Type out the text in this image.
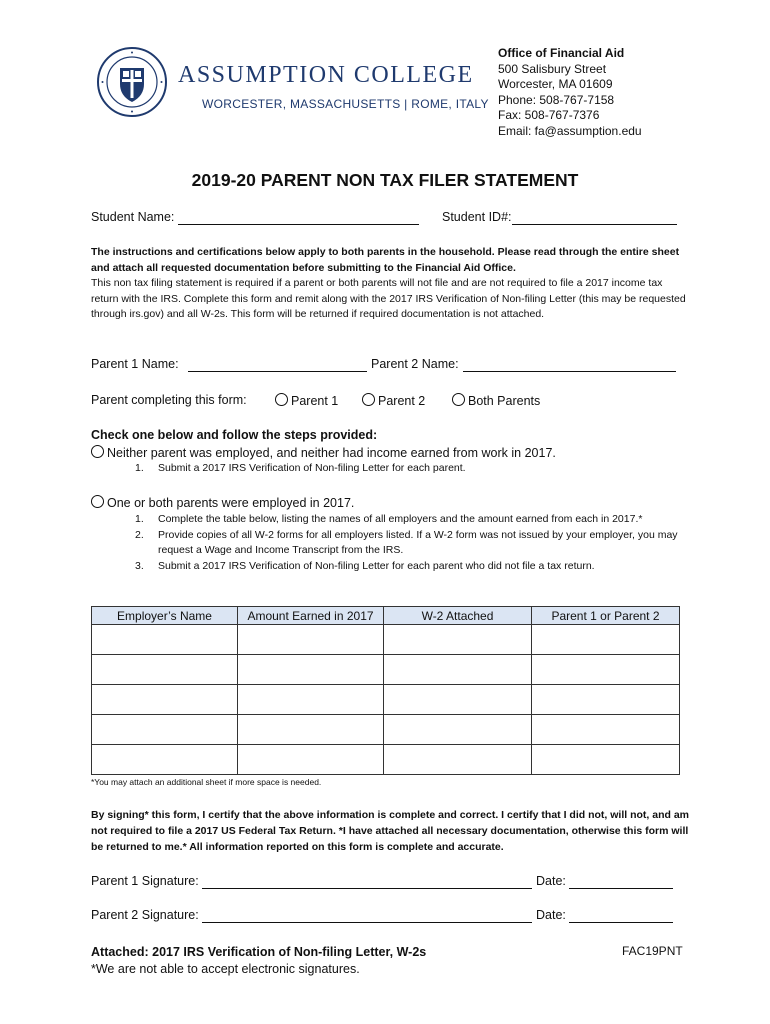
ASSUMPTION COLLEGE
WORCESTER, MASSACHUSETTS | ROME, ITALY
Office of Financial Aid
500 Salisbury Street
Worcester, MA 01609
Phone: 508-767-7158
Fax: 508-767-7376
Email: fa@assumption.edu
2019-20 PARENT NON TAX FILER STATEMENT
Student Name:	Student ID#:
The instructions and certifications below apply to both parents in the household. Please read through the entire sheet and attach all requested documentation before submitting to the Financial Aid Office.
This non tax filing statement is required if a parent or both parents will not file and are not required to file a 2017 income tax return with the IRS. Complete this form and remit along with the 2017 IRS Verification of Non-filing Letter (this may be requested through irs.gov) and all W-2s. This form will be returned if required documentation is not attached.
Parent 1 Name:	Parent 2 Name:
Parent completing this form:	Parent 1	Parent 2	Both Parents
Check one below and follow the steps provided:
Neither parent was employed, and neither had income earned from work in 2017.
1. Submit a 2017 IRS Verification of Non-filing Letter for each parent.
One or both parents were employed in 2017.
1. Complete the table below, listing the names of all employers and the amount earned from each in 2017.*
2. Provide copies of all W-2 forms for all employers listed. If a W-2 form was not issued by your employer, you may request a Wage and Income Transcript from the IRS.
3. Submit a 2017 IRS Verification of Non-filing Letter for each parent who did not file a tax return.
Employer’s Name	Amount Earned in 2017	W-2 Attached	Parent 1 or Parent 2

*You may attach an additional sheet if more space is needed.
By signing* this form, I certify that the above information is complete and correct. I certify that I did not, will not, and am not required to file a 2017 US Federal Tax Return. *I have attached all necessary documentation, otherwise this form will be returned to me.* All information reported on this form is complete and accurate.
Parent 1 Signature:	Date:
Parent 2 Signature:	Date:
Attached: 2017 IRS Verification of Non-filing Letter, W-2s
*We are not able to accept electronic signatures.
FAC19PNT
